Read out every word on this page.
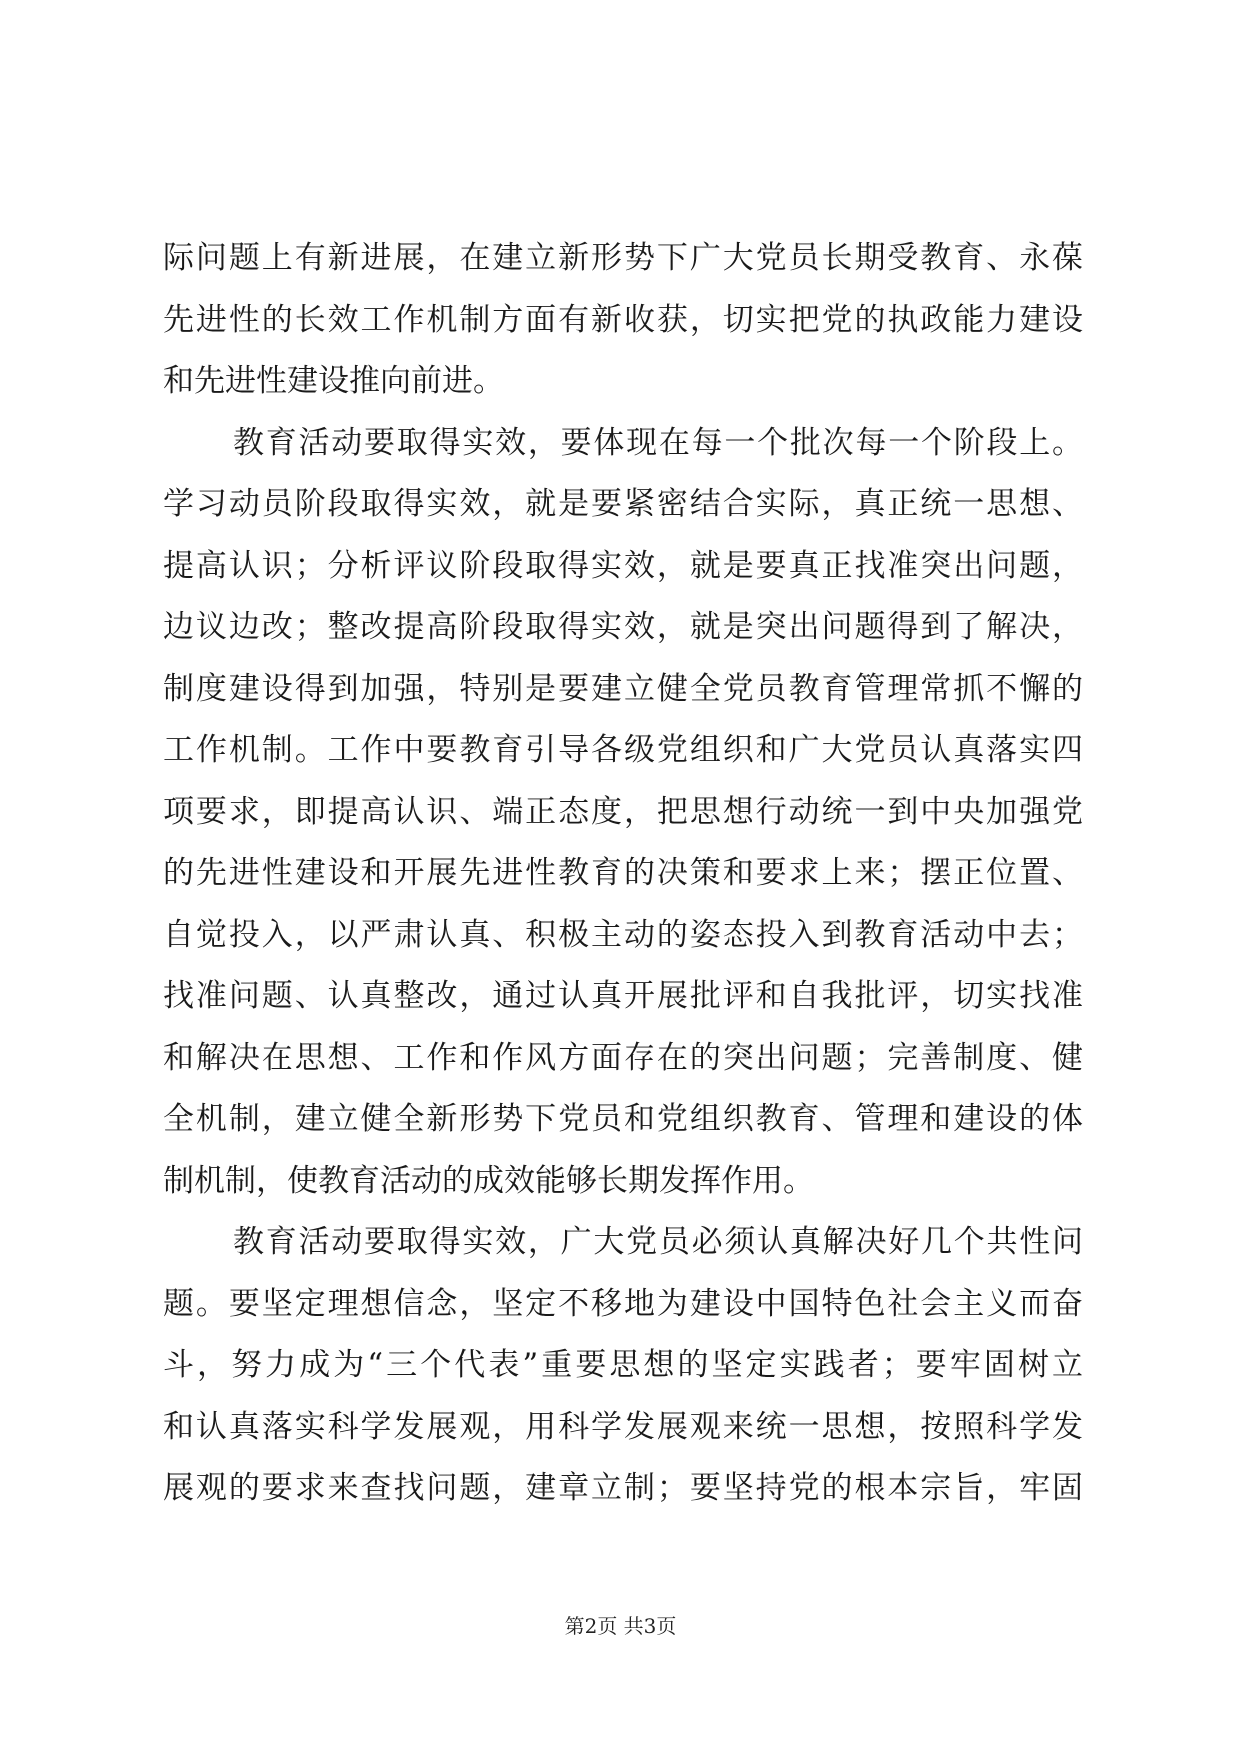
际问题上有新进展，在建立新形势下广大党员长期受教育、永葆
先进性的长效工作机制方面有新收获，切实把党的执政能力建设
和先进性建设推向前进。
教育活动要取得实效，要体现在每一个批次每一个阶段上。
学习动员阶段取得实效，就是要紧密结合实际，真正统一思想、
提高认识；分析评议阶段取得实效，就是要真正找准突出问题，
边议边改；整改提高阶段取得实效，就是突出问题得到了解决，
制度建设得到加强，特别是要建立健全党员教育管理常抓不懈的
工作机制。工作中要教育引导各级党组织和广大党员认真落实四
项要求，即提高认识、端正态度，把思想行动统一到中央加强党
的先进性建设和开展先进性教育的决策和要求上来；摆正位置、
自觉投入，以严肃认真、积极主动的姿态投入到教育活动中去；
找准问题、认真整改，通过认真开展批评和自我批评，切实找准
和解决在思想、工作和作风方面存在的突出问题；完善制度、健
全机制，建立健全新形势下党员和党组织教育、管理和建设的体
制机制，使教育活动的成效能够长期发挥作用。
教育活动要取得实效，广大党员必须认真解决好几个共性问
题。要坚定理想信念，坚定不移地为建设中国特色社会主义而奋
斗，努力成为“三个代表”重要思想的坚定实践者；要牢固树立
和认真落实科学发展观，用科学发展观来统一思想，按照科学发
展观的要求来查找问题，建章立制；要坚持党的根本宗旨，牢固
第2页 共3页
